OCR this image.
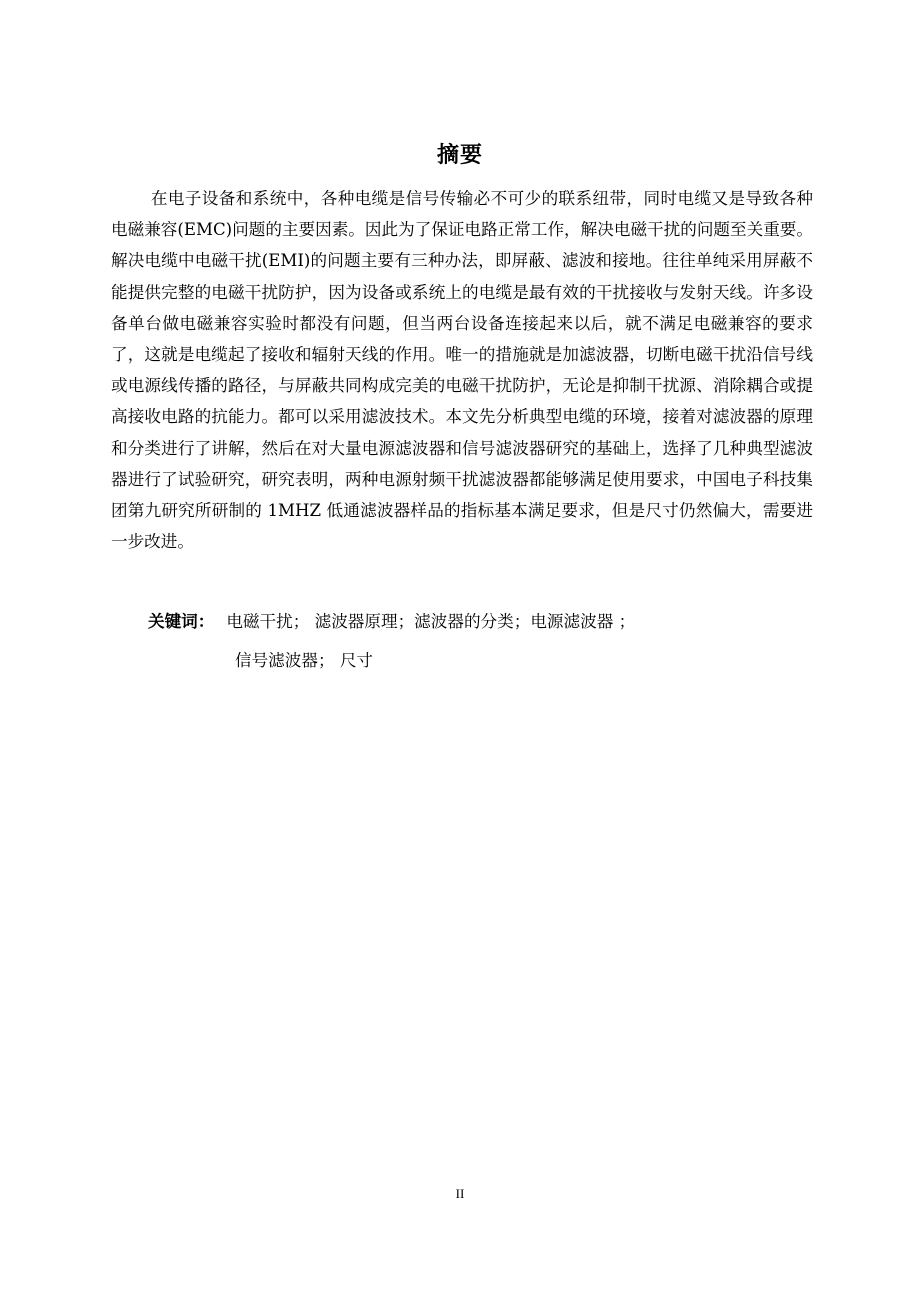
摘要
在电子设备和系统中，各种电缆是信号传输必不可少的联系纽带，同时电缆又是导致各种电磁兼容(EMC)问题的主要因素。因此为了保证电路正常工作，解决电磁干扰的问题至关重要。解决电缆中电磁干扰(EMI)的问题主要有三种办法，即屏蔽、滤波和接地。往往单纯采用屏蔽不能提供完整的电磁干扰防护，因为设备或系统上的电缆是最有效的干扰接收与发射天线。许多设备单台做电磁兼容实验时都没有问题，但当两台设备连接起来以后，就不满足电磁兼容的要求了，这就是电缆起了接收和辐射天线的作用。唯一的措施就是加滤波器，切断电磁干扰沿信号线或电源线传播的路径，与屏蔽共同构成完美的电磁干扰防护，无论是抑制干扰源、消除耦合或提高接收电路的抗能力。都可以采用滤波技术。本文先分析典型电缆的环境，接着对滤波器的原理和分类进行了讲解，然后在对大量电源滤波器和信号滤波器研究的基础上，选择了几种典型滤波器进行了试验研究，研究表明，两种电源射频干扰滤波器都能够满足使用要求，中国电子科技集团第九研究所研制的 1MHZ 低通滤波器样品的指标基本满足要求，但是尺寸仍然偏大，需要进一步改进。
关键词： 电磁干扰； 滤波器原理；滤波器的分类；电源滤波器 ；
信号滤波器； 尺寸
II
